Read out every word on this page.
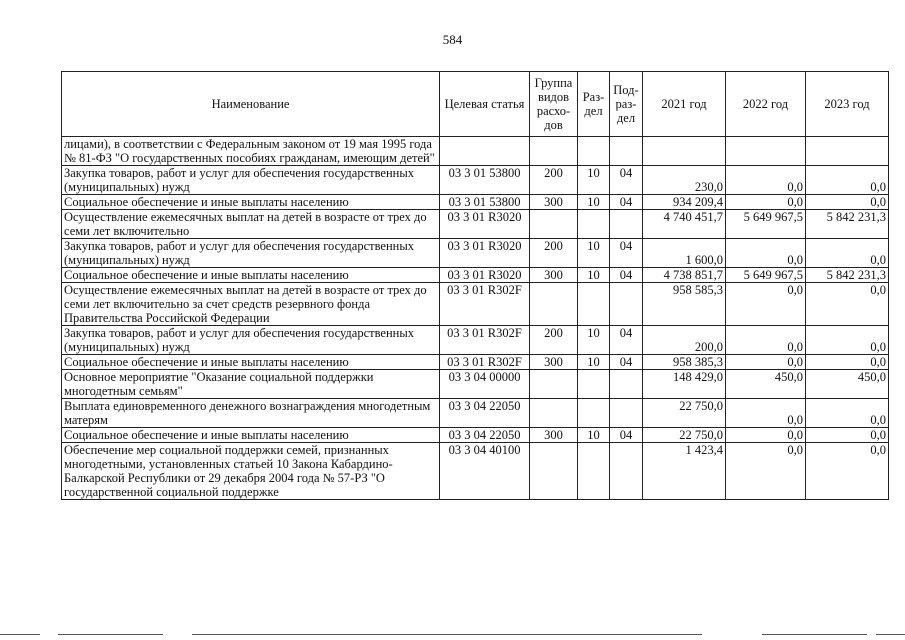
584
Наименование	Целевая статья	Группа видов расхо-дов	Раз-дел	Под-раз-дел	2021 год	2022 год	2023 год
лицами), в соответствии с Федеральным законом от 19 мая 1995 года № 81-ФЗ "О государственных пособиях гражданам, имеющим детей"							
Закупка товаров, работ и услуг для обеспечения государственных (муниципальных) нужд	03 3 01 53800	200	10	04	230,0	0,0	0,0
Социальное обеспечение и иные выплаты населению	03 3 01 53800	300	10	04	934 209,4	0,0	0,0
Осуществление ежемесячных выплат на детей в возрасте от трех до семи лет включительно	03 3 01 R3020				4 740 451,7	5 649 967,5	5 842 231,3
Закупка товаров, работ и услуг для обеспечения государственных (муниципальных) нужд	03 3 01 R3020	200	10	04	1 600,0	0,0	0,0
Социальное обеспечение и иные выплаты населению	03 3 01 R3020	300	10	04	4 738 851,7	5 649 967,5	5 842 231,3
Осуществление ежемесячных выплат на детей в возрасте от трех до семи лет включительно за счет средств резервного фонда Правительства Российской Федерации	03 3 01 R302F				958 585,3	0,0	0,0
Закупка товаров, работ и услуг для обеспечения государственных (муниципальных) нужд	03 3 01 R302F	200	10	04	200,0	0,0	0,0
Социальное обеспечение и иные выплаты населению	03 3 01 R302F	300	10	04	958 385,3	0,0	0,0
Основное мероприятие "Оказание социальной поддержки многодетным семьям"	03 3 04 00000				148 429,0	450,0	450,0
Выплата единовременного денежного вознаграждения многодетным матерям	03 3 04 22050				22 750,0	0,0	0,0
Социальное обеспечение и иные выплаты населению	03 3 04 22050	300	10	04	22 750,0	0,0	0,0
Обеспечение мер социальной поддержки семей, признанных многодетными, установленных статьей 10 Закона Кабардино-Балкарской Республики от 29 декабря 2004 года № 57-РЗ "О государственной социальной поддержке	03 3 04 40100				1 423,4	0,0	0,0
